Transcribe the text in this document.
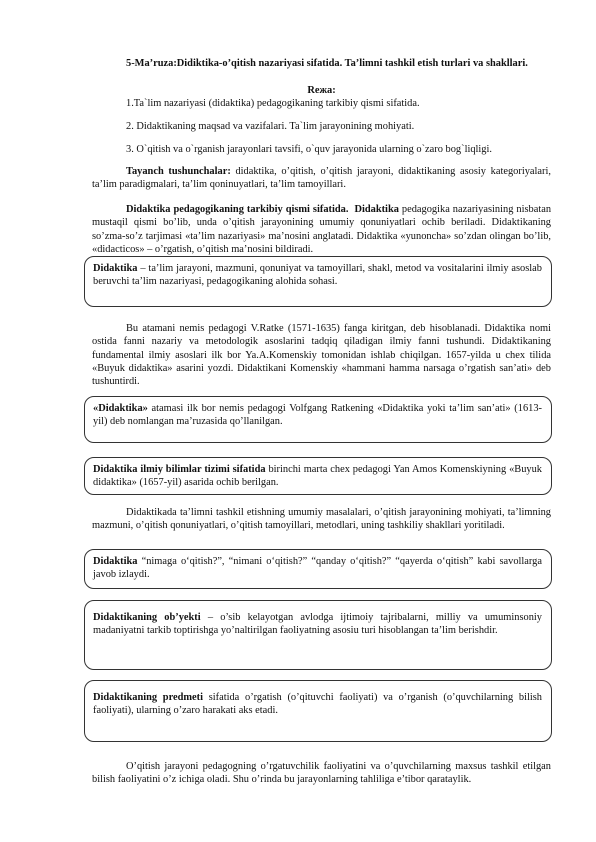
5-Ma’ruza:Didiktika-o’qitish nazariyasi sifatida. Ta’limni tashkil etish turlari va shakllari.

Reжa:

1.Ta`lim nazariyasi (didaktika) pedagogikaning tarkibiy qismi sifatida.

2. Didaktikaning maqsad va vazifalari. Ta`lim jarayonining mohiyati.

3. O`qitish va o`rganish jarayonlari tavsifi, o`quv jarayonida ularning o`zaro bog`liqligi.

Tayanch tushunchalar: didaktika, o’qitish, o’qitish jarayoni, didaktikaning asosiy kategoriyalari, ta’lim paradigmalari, ta’lim qoninuyatlari, ta’lim tamoyillari.

Didaktika pedagogikaning tarkibiy qismi sifatida. Didaktika pedagogika nazariyasining nisbatan mustaqil qismi bo’lib, unda o’qitish jarayonining umumiy qonuniyatlari ochib beriladi. Didaktikaning so’zma-so’z tarjimasi «ta’lim nazariyasi» ma’nosini anglatadi. Didaktika «yunoncha» so’zdan olingan bo’lib, «didacticos» – o’rgatish, o’qitish ma’nosini bildiradi.

Didaktika – ta’lim jarayoni, mazmuni, qonuniyat va tamoyillari, shakl, metod va vositalarini ilmiy asoslab beruvchi ta’lim nazariyasi, pedagogikaning alohida sohasi.

Bu atamani nemis pedagogi V.Ratke (1571-1635) fanga kiritgan, deb hisoblanadi. Didaktika nomi ostida fanni nazariy va metodologik asoslarini tadqiq qiladigan ilmiy fanni tushundi. Didaktikaning fundamental ilmiy asoslari ilk bor Ya.A.Komenskiy tomonidan ishlab chiqilgan. 1657-yilda u chex tilida «Buyuk didaktika» asarini yozdi. Didaktikani Komenskiy «hammani hamma narsaga o’rgatish san’ati» deb tushuntirdi.

«Didaktika» atamasi ilk bor nemis pedagogi Volfgang Ratkening «Didaktika yoki ta’lim san’ati» (1613-yil) deb nomlangan ma’ruzasida qo’llanilgan.

Didaktika ilmiy bilimlar tizimi sifatida birinchi marta chex pedagogi Yan Amos Komenskiyning «Buyuk didaktika» (1657-yil) asarida ochib berilgan.

Didaktikada ta’limni tashkil etishning umumiy masalalari, o’qitish jarayonining mohiyati, ta’limning mazmuni, o’qitish qonuniyatlari, o’qitish tamoyillari, metodlari, uning tashkiliy shakllari yoritiladi.

Didaktika “nimaga o‘qitish?”, “nimani o‘qitish?” “qanday o‘qitish?” “qayerda o‘qitish” kabi savollarga javob izlaydi.

Didaktikaning ob’yekti – o’sib kelayotgan avlodga ijtimoiy tajribalarni, milliy va umuminsoniy madaniyatni tarkib toptirishga yo’naltirilgan faoliyatning asosiu turi hisoblangan ta’lim berishdir.

Didaktikaning predmeti sifatida o’rgatish (o’qituvchi faoliyati) va o’rganish (o’quvchilarning bilish faoliyati), ularning o’zaro harakati aks etadi.

O’qitish jarayoni pedagogning o’rgatuvchilik faoliyatini va o’quvchilarning maxsus tashkil etilgan bilish faoliyatini o’z ichiga oladi. Shu o’rinda bu jarayonlarning tahliliga e’tibor qarataylik.
